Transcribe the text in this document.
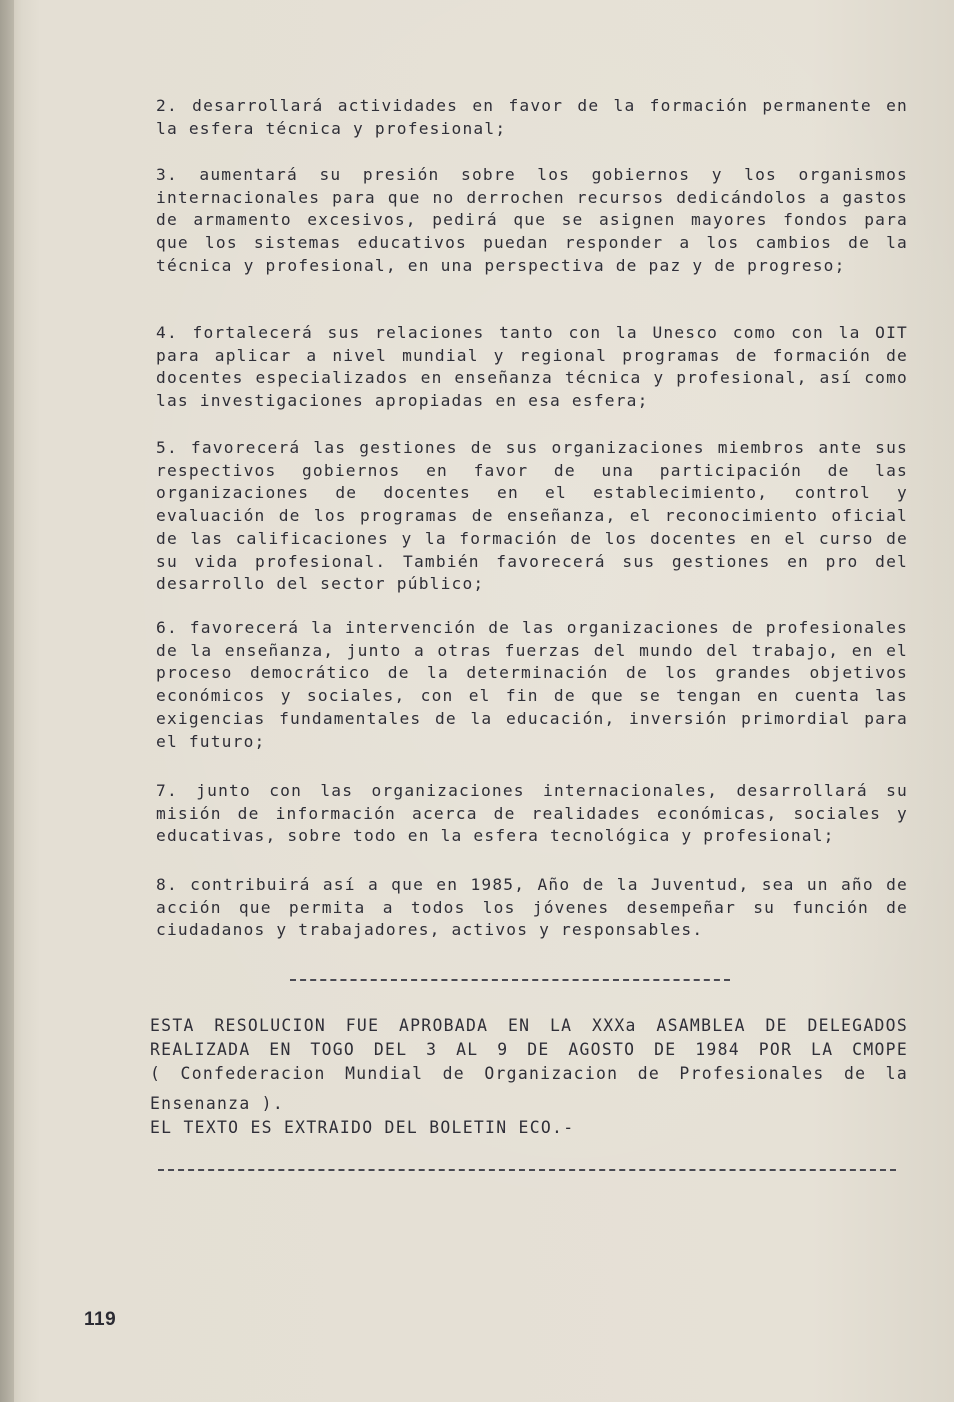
2. desarrollará actividades en favor de la formación permanente en la esfera técnica y profesional;

3. aumentará su presión sobre los gobiernos y los organismos internacionales para que no derrochen recursos dedicándolos a gastos de armamento excesivos, pedirá que se asignen mayores fondos para que los sistemas educativos puedan responder a los cambios de la técnica y profesional, en una perspectiva de paz y de progreso;

4. fortalecerá sus relaciones tanto con la Unesco como con la OIT para aplicar a nivel mundial y regional programas de formación de docentes especializados en enseñanza técnica y profesional, así como las investigaciones apropiadas en esa esfera;

5. favorecerá las gestiones de sus organizaciones miembros ante sus respectivos gobiernos en favor de una participación de las organizaciones de docentes en el establecimiento, control y evaluación de los programas de enseñanza, el reconocimiento oficial de las calificaciones y la formación de los docentes en el curso de su vida profesional. También favorecerá sus gestiones en pro del desarrollo del sector público;

6. favorecerá la intervención de las organizaciones de profesionales de la enseñanza, junto a otras fuerzas del mundo del trabajo, en el proceso democrático de la determinación de los grandes objetivos económicos y sociales, con el fin de que se tengan en cuenta las exigencias fundamentales de la educación, inversión primordial para el futuro;

7. junto con las organizaciones internacionales, desarrollará su misión de información acerca de realidades económicas, sociales y educativas, sobre todo en la esfera tecnológica y profesional;

8. contribuirá así a que en 1985, Año de la Juventud, sea un año de acción que permita a todos los jóvenes desempeñar su función de ciudadanos y trabajadores, activos y responsables.

ESTA RESOLUCION FUE APROBADA EN LA XXXa ASAMBLEA DE DELEGADOS
REALIZADA EN TOGO DEL 3 AL 9 DE AGOSTO DE 1984 POR LA CMOPE
( Confederacion Mundial de Organizacion de Profesionales de la
Ensenanza ).
EL TEXTO ES EXTRAIDO DEL BOLETIN ECO.-
119
